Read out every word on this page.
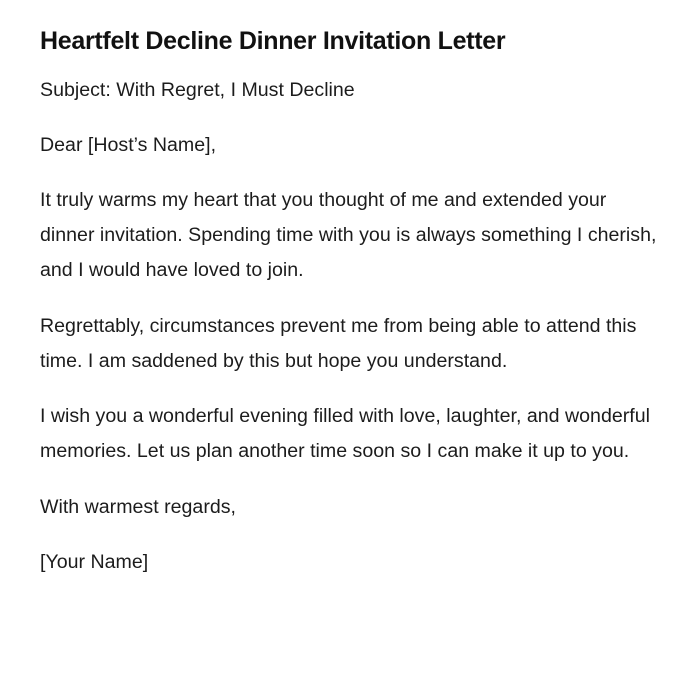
Heartfelt Decline Dinner Invitation Letter

Subject: With Regret, I Must Decline

Dear [Host’s Name],

It truly warms my heart that you thought of me and extended your dinner invitation. Spending time with you is always something I cherish, and I would have loved to join.

Regrettably, circumstances prevent me from being able to attend this time. I am saddened by this but hope you understand.

I wish you a wonderful evening filled with love, laughter, and wonderful memories. Let us plan another time soon so I can make it up to you.

With warmest regards,

[Your Name]
